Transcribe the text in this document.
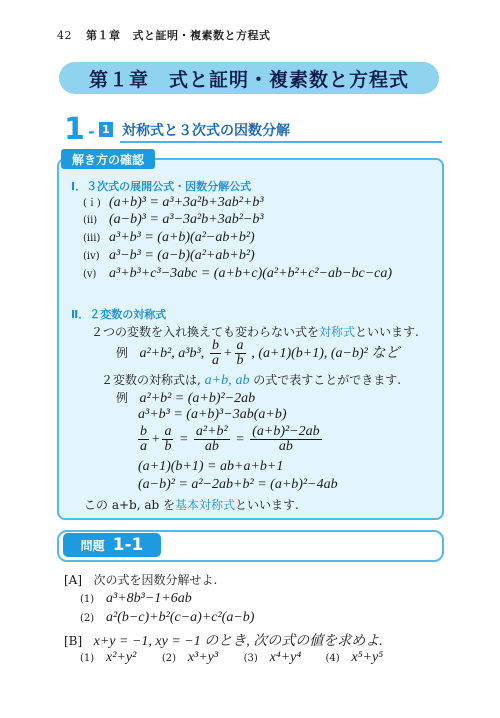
42 第１章 式と証明・複素数と方程式
第１章　式と証明・複素数と方程式
1 - 1 対称式と３次式の因数分解
解き方の確認
Ⅰ．３次式の展開公式・因数分解公式
(ｉ) (a+b)³ = a³+3a²b+3ab²+b³
(ⅱ) (a−b)³ = a³−3a²b+3ab²−b³
(ⅲ) a³+b³ = (a+b)(a²−ab+b²)
(ⅳ) a³−b³ = (a−b)(a²+ab+b²)
(ⅴ) a³+b³+c³−3abc = (a+b+c)(a²+b²+c²−ab−bc−ca)
Ⅱ．２変数の対称式
２つの変数を入れ換えても変わらない式を対称式といいます.
例 a²+b², a³b³, $\frac{b}{a} + \frac{a}{b}$ , (a+1)(b+1), (a−b)² など
２変数の対称式は, a+b, ab の式で表すことができます.
例 a²+b² = (a+b)²−2ab
a³+b³ = (a+b)³−3ab(a+b)
$\frac{b}{a} + \frac{a}{b} = \frac{\text{a²+b²}}{ab} = \frac{\text{(a+b)²−2ab}}{ab}$
(a+1)(b+1) = ab+a+b+1
(a−b)² = a²−2ab+b² = (a+b)²−4ab
この a+b, ab を基本対称式といいます.
問題 1-1
[A] 次の式を因数分解せよ.
(1) a³+8b³−1+6ab
(2) a²(b−c)+b²(c−a)+c²(a−b)
[B] x+y = −1, xy = −1 のとき, 次の式の値を求めよ.
(1) x²+y²	(2) x³+y³	(3) x⁴+y⁴ (4) x⁵+y⁵
